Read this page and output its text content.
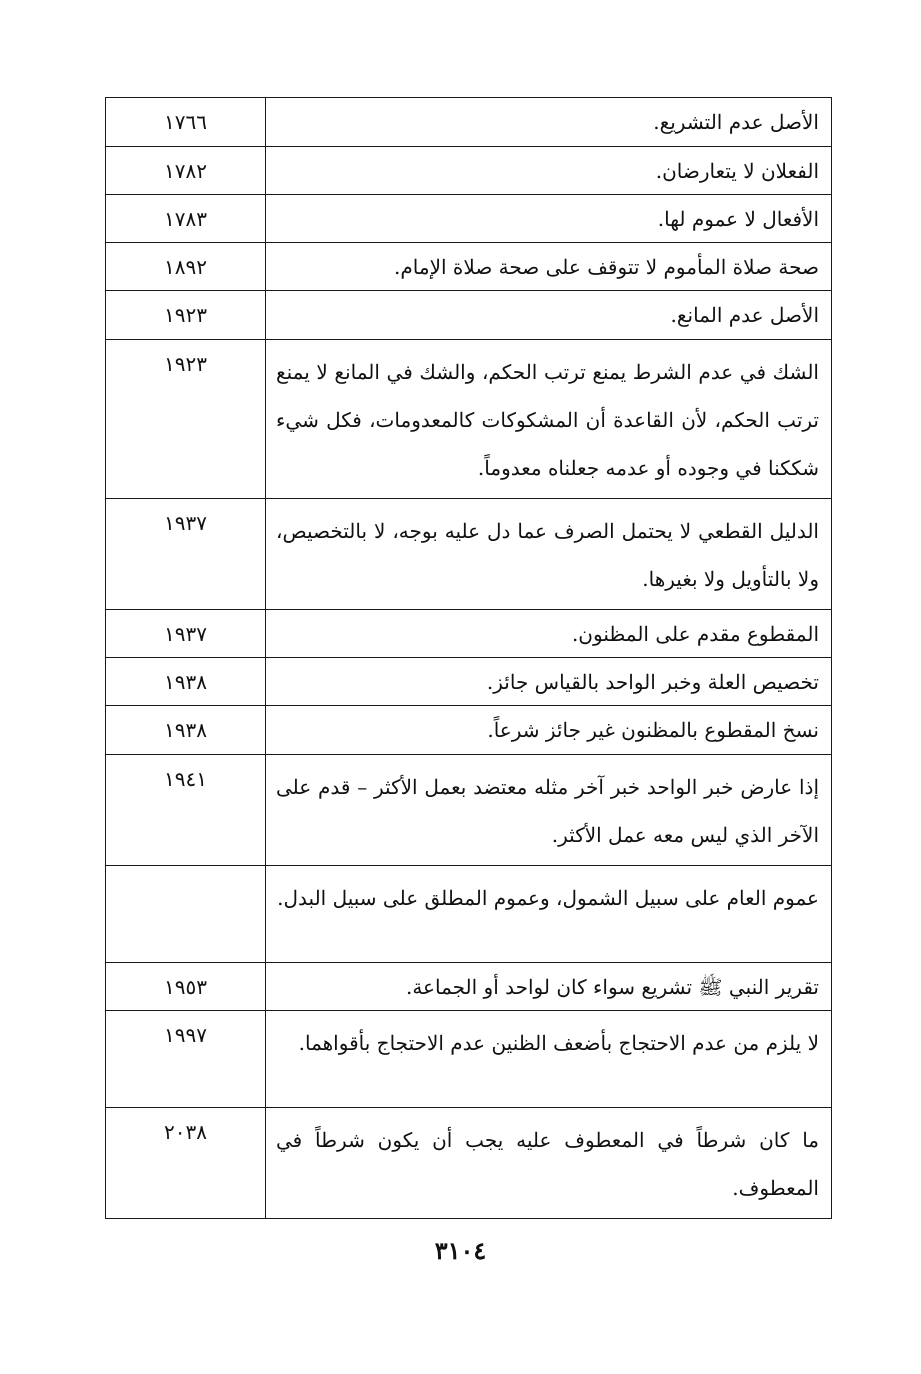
الأصل عدم التشريع.	١٧٦٦
الفعلان لا يتعارضان.	١٧٨٢
الأفعال لا عموم لها.	١٧٨٣
صحة صلاة المأموم لا تتوقف على صحة صلاة الإمام.	١٨٩٢
الأصل عدم المانع.	١٩٢٣
الشك في عدم الشرط يمنع ترتب الحكم، والشك في المانع لا يمنع ترتب الحكم، لأن القاعدة أن المشكوكات كالمعدومات، فكل شيء شككنا في وجوده أو عدمه جعلناه معدوماً.	١٩٢٣
الدليل القطعي لا يحتمل الصرف عما دل عليه بوجه، لا بالتخصيص، ولا بالتأويل ولا بغيرها.	١٩٣٧
المقطوع مقدم على المظنون.	١٩٣٧
تخصيص العلة وخبر الواحد بالقياس جائز.	١٩٣٨
نسخ المقطوع بالمظنون غير جائز شرعاً.	١٩٣٨
إذا عارض خبر الواحد خبر آخر مثله معتضد بعمل الأكثر – قدم على الآخر الذي ليس معه عمل الأكثر.	١٩٤١
عموم العام على سبيل الشمول، وعموم المطلق على سبيل البدل.	
تقرير النبي ﷺ تشريع سواء كان لواحد أو الجماعة.	١٩٥٣
لا يلزم من عدم الاحتجاج بأضعف الظنين عدم الاحتجاج بأقواهما.	١٩٩٧
ما كان شرطاً في المعطوف عليه يجب أن يكون شرطاً في المعطوف.	٢٠٣٨
٣١٠٤
